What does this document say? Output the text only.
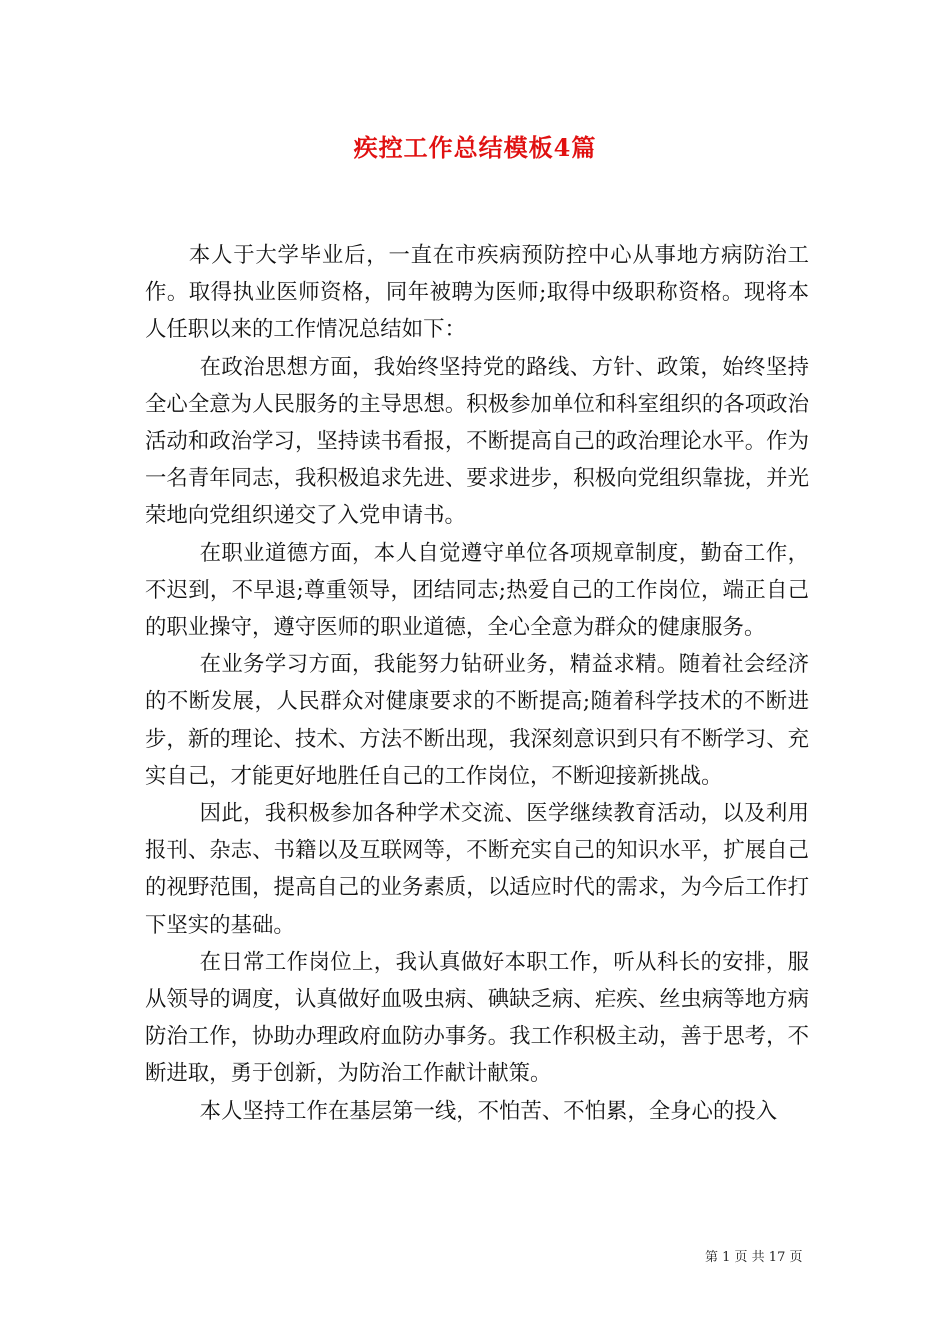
疾控工作总结模板4篇

本人于大学毕业后，一直在市疾病预防控中心从事地方病防治工作。取得执业医师资格，同年被聘为医师;取得中级职称资格。现将本人任职以来的工作情况总结如下：

在政治思想方面，我始终坚持党的路线、方针、政策，始终坚持全心全意为人民服务的主导思想。积极参加单位和科室组织的各项政治活动和政治学习，坚持读书看报，不断提高自己的政治理论水平。作为一名青年同志，我积极追求先进、要求进步，积极向党组织靠拢，并光荣地向党组织递交了入党申请书。

在职业道德方面，本人自觉遵守单位各项规章制度，勤奋工作，不迟到，不早退;尊重领导，团结同志;热爱自己的工作岗位，端正自己的职业操守，遵守医师的职业道德，全心全意为群众的健康服务。

在业务学习方面，我能努力钻研业务，精益求精。随着社会经济的不断发展，人民群众对健康要求的不断提高;随着科学技术的不断进步，新的理论、技术、方法不断出现，我深刻意识到只有不断学习、充实自己，才能更好地胜任自己的工作岗位，不断迎接新挑战。

因此，我积极参加各种学术交流、医学继续教育活动，以及利用报刊、杂志、书籍以及互联网等，不断充实自己的知识水平，扩展自己的视野范围，提高自己的业务素质，以适应时代的需求，为今后工作打下坚实的基础。

在日常工作岗位上，我认真做好本职工作，听从科长的安排，服从领导的调度，认真做好血吸虫病、碘缺乏病、疟疾、丝虫病等地方病防治工作，协助办理政府血防办事务。我工作积极主动，善于思考，不断进取，勇于创新，为防治工作献计献策。

本人坚持工作在基层第一线，不怕苦、不怕累，全身心的投入

第 1 页 共 17 页
